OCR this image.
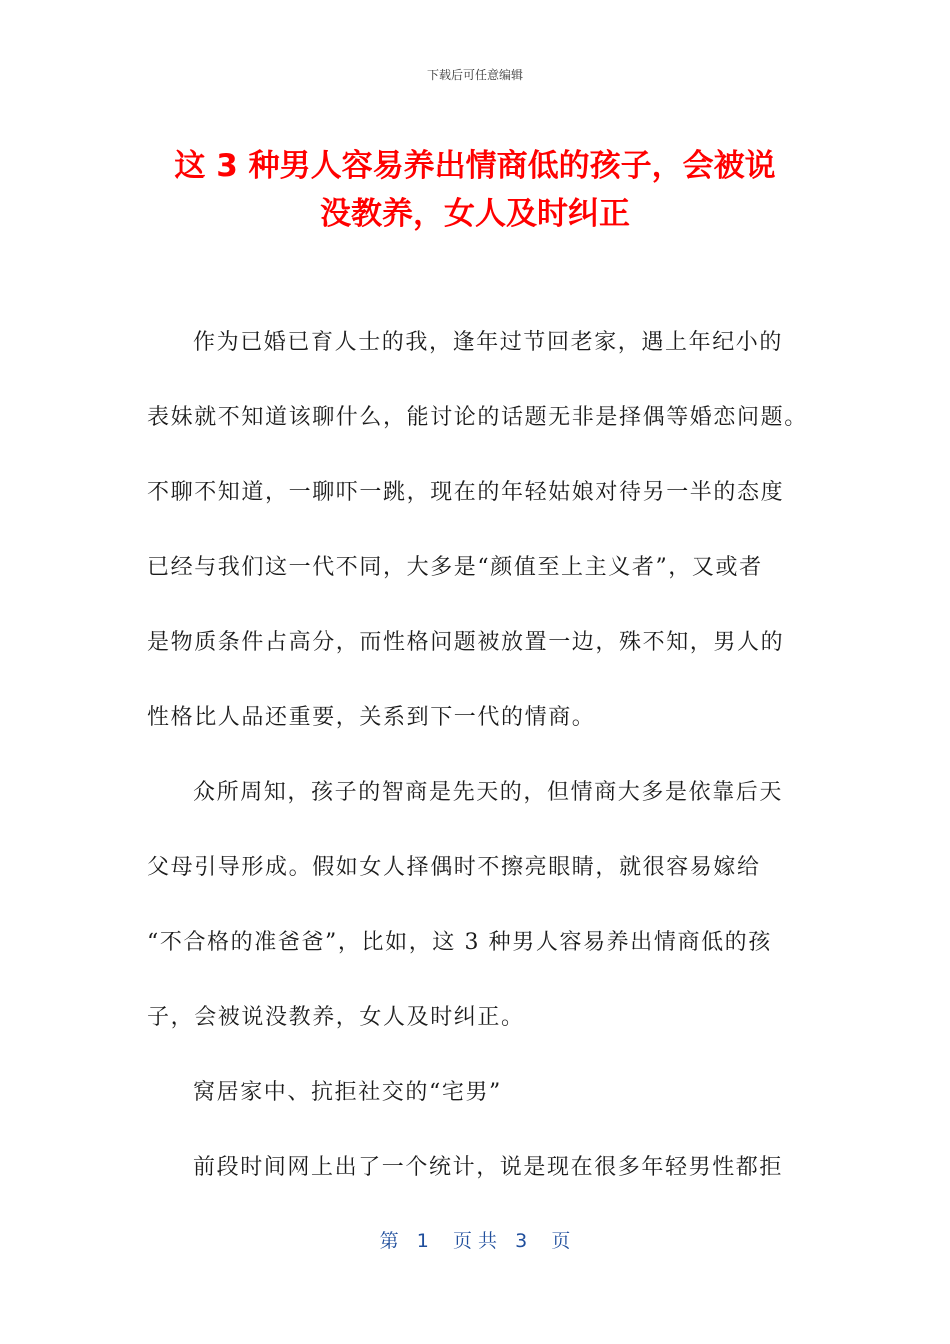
下载后可任意编辑
这 3 种男人容易养出情商低的孩子，会被说
没教养，女人及时纠正
作为已婚已育人士的我，逢年过节回老家，遇上年纪小的
表妹就不知道该聊什么，能讨论的话题无非是择偶等婚恋问题。
不聊不知道，一聊吓一跳，现在的年轻姑娘对待另一半的态度
已经与我们这一代不同，大多是“颜值至上主义者”，又或者
是物质条件占高分，而性格问题被放置一边，殊不知，男人的
性格比人品还重要，关系到下一代的情商。
众所周知，孩子的智商是先天的，但情商大多是依靠后天
父母引导形成。假如女人择偶时不擦亮眼睛，就很容易嫁给
“不合格的准爸爸”，比如，这 3 种男人容易养出情商低的孩
子，会被说没教养，女人及时纠正。
窝居家中、抗拒社交的“宅男”
前段时间网上出了一个统计，说是现在很多年轻男性都拒
第   1    页 共   3    页
